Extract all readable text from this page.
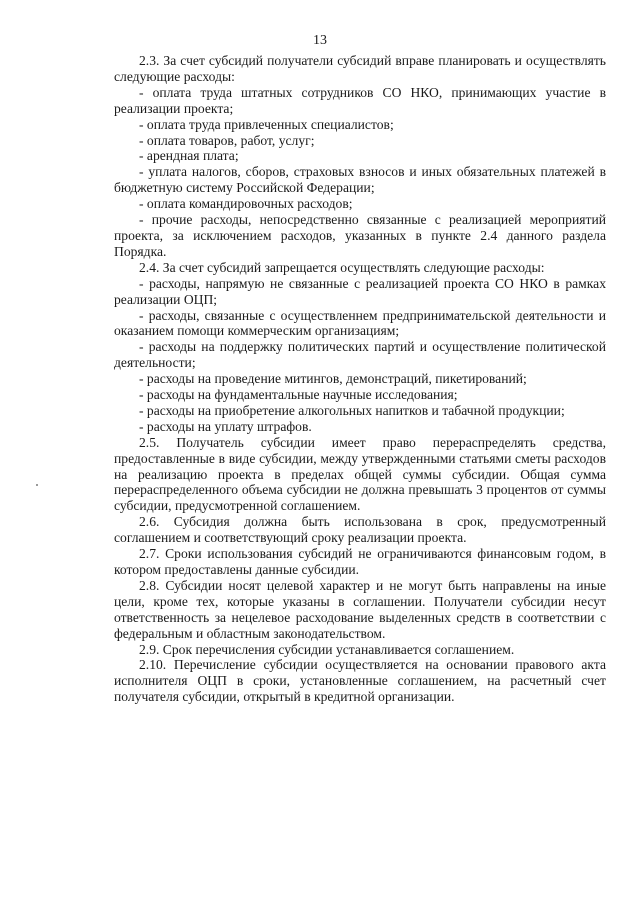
13

2.3. За счет субсидий получатели субсидий вправе планировать и осуществлять следующие расходы:

- оплата труда штатных сотрудников СО НКО, принимающих участие в реализации проекта;

- оплата труда привлеченных специалистов;

- оплата товаров, работ, услуг;

- арендная плата;

- уплата налогов, сборов, страховых взносов и иных обязательных платежей в бюджетную систему Российской Федерации;

- оплата командировочных расходов;

- прочие расходы, непосредственно связанные с реализацией мероприятий проекта, за исключением расходов, указанных в пункте 2.4 данного раздела Порядка.

2.4. За счет субсидий запрещается осуществлять следующие расходы:

- расходы, напрямую не связанные с реализацией проекта СО НКО в рамках реализации ОЦП;

- расходы, связанные с осуществленнем предпринимательской деятельности и оказанием помощи коммерческим организациям;

- расходы на поддержку политических партий и осуществление политической деятельности;

- расходы на проведение митингов, демонстраций, пикетирований;

- расходы на фундаментальные научные исследования;

- расходы на приобретение алкогольных напитков и табачной продукции;

- расходы на уплату штрафов.

2.5. Получатель субсидии имеет право перераспределять средства, предоставленные в виде субсидии, между утвержденными статьями сметы расходов на реализацию проекта в пределах общей суммы субсидии. Общая сумма перераспределенного объема субсидии не должна превышать 3 процентов от суммы субсидии, предусмотренной соглашением.

2.6. Субсидия должна быть использована в срок, предусмотренный соглашением и соответствующий сроку реализации проекта.

2.7. Сроки использования субсидий не ограничиваются финансовым годом, в котором предоставлены данные субсидии.

2.8. Субсидии носят целевой характер и не могут быть направлены на иные цели, кроме тех, которые указаны в соглашении. Получатели субсидии несут ответственность за нецелевое расходование выделенных средств в соответствии с федеральным и областным законодательством.

2.9. Срок перечисления субсидии устанавливается соглашением.

2.10. Перечисление субсидии осуществляется на основании правового акта исполнителя ОЦП в сроки, установленные соглашением, на расчетный счет получателя субсидии, открытый в кредитной организации.
